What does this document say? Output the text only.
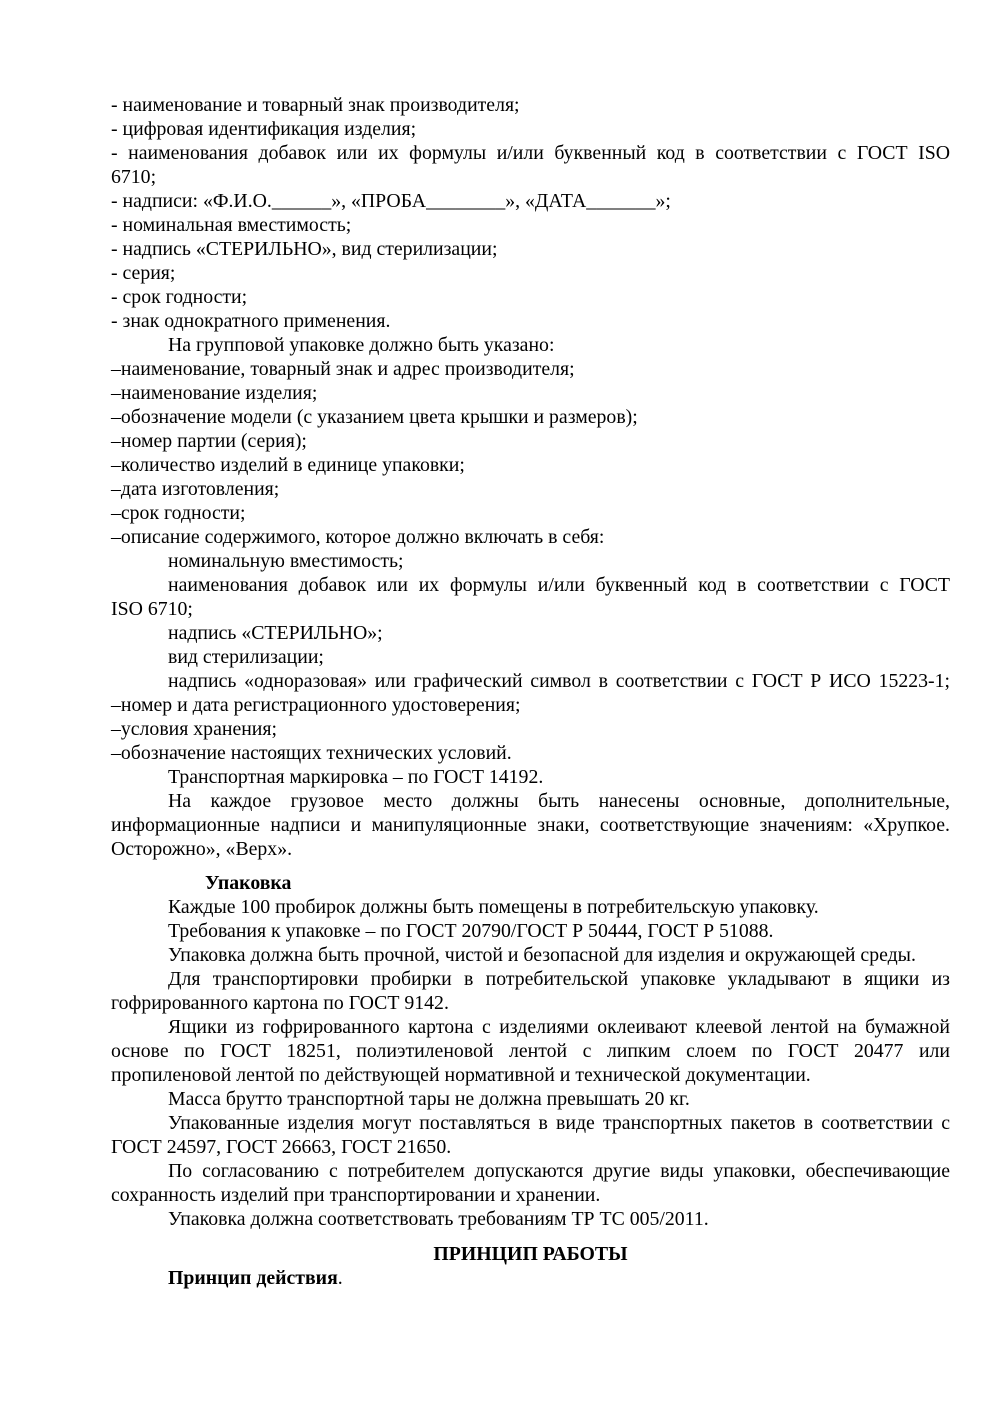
- наименование и товарный знак производителя;

- цифровая идентификация изделия;

- наименования добавок или их формулы и/или буквенный код в соответствии с ГОСТ ISO

6710;

- надписи: «Ф.И.О.______», «ПРОБА________», «ДАТА_______»;

- номинальная вместимость;

- надпись «СТЕРИЛЬНО», вид стерилизации;

- серия;

- срок годности;

- знак однократного применения.

На групповой упаковке должно быть указано:

–наименование, товарный знак и адрес производителя;

–наименование изделия;

–обозначение модели (с указанием цвета крышки и размеров);

–номер партии (серия);

–количество изделий в единице упаковки;

–дата изготовления;

–срок годности;

–описание содержимого, которое должно включать в себя:

номинальную вместимость;

наименования добавок или их формулы и/или буквенный код в соответствии с ГОСТ

ISO 6710;

надпись «СТЕРИЛЬНО»;

вид стерилизации;

надпись «одноразовая» или графический символ в соответствии с ГОСТ Р ИСО 15223-1;

–номер и дата регистрационного удостоверения;

–условия хранения;

–обозначение настоящих технических условий.

Транспортная маркировка – по ГОСТ 14192.

На каждое грузовое место должны быть нанесены основные, дополнительные,

информационные надписи и манипуляционные знаки, соответствующие значениям: «Хрупкое.

Осторожно», «Верх».

Упаковка

Каждые 100 пробирок должны быть помещены в потребительскую упаковку.

Требования к упаковке – по ГОСТ 20790/ГОСТ Р 50444, ГОСТ Р 51088.

Упаковка должна быть прочной, чистой и безопасной для изделия и окружающей среды.

Для транспортировки пробирки в потребительской упаковке укладывают в ящики из

гофрированного картона по ГОСТ 9142.

Ящики из гофрированного картона с изделиями оклеивают клеевой лентой на бумажной

основе по ГОСТ 18251, полиэтиленовой лентой с липким слоем по ГОСТ 20477 или

пропиленовой лентой по действующей нормативной и технической документации.

Масса брутто транспортной тары не должна превышать 20 кг.

Упакованные изделия могут поставляться в виде транспортных пакетов в соответствии с

ГОСТ 24597, ГОСТ 26663, ГОСТ 21650.

По согласованию с потребителем допускаются другие виды упаковки, обеспечивающие

сохранность изделий при транспортировании и хранении.

Упаковка должна соответствовать требованиям ТР ТС 005/2011.

ПРИНЦИП РАБОТЫ

Принцип действия.
